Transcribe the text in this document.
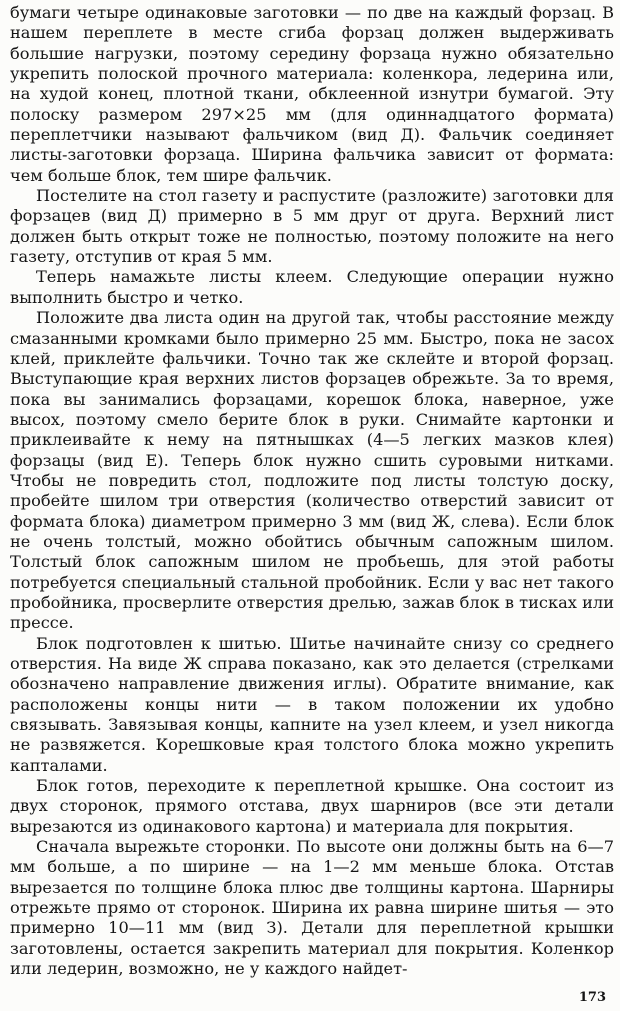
бумаги четыре одинаковые заготовки — по две на каждый форзац. В нашем переплете в месте сгиба форзац должен выдерживать большие нагрузки, поэтому середину форзаца нужно обязательно укрепить полоской прочного материала: коленкора, ледерина или, на худой конец, плотной ткани, обклеенной изнутри бумагой. Эту полоску размером 297×25 мм (для одиннадцатого формата) переплетчики называют фальчиком (вид Д). Фальчик соединяет листы-заготовки форзаца. Ширина фальчика зависит от формата: чем больше блок, тем шире фальчик.

Постелите на стол газету и распустите (разложите) заготовки для форзацев (вид Д) примерно в 5 мм друг от друга. Верхний лист должен быть открыт тоже не полностью, поэтому положите на него газету, отступив от края 5 мм.

Теперь намажьте листы клеем. Следующие операции нужно выполнить быстро и четко.

Положите два листа один на другой так, чтобы расстояние между смазанными кромками было примерно 25 мм. Быстро, пока не засох клей, приклейте фальчики. Точно так же склейте и второй форзац. Выступающие края верхних листов форзацев обрежьте. За то время, пока вы занимались форзацами, корешок блока, наверное, уже высох, поэтому смело берите блок в руки. Снимайте картонки и приклеивайте к нему на пятнышках (4—5 легких мазков клея) форзацы (вид Е). Теперь блок нужно сшить суровыми нитками. Чтобы не повредить стол, подложите под листы толстую доску, пробейте шилом три отверстия (количество отверстий зависит от формата блока) диаметром примерно 3 мм (вид Ж, слева). Если блок не очень толстый, можно обойтись обычным сапожным шилом. Толстый блок сапожным шилом не пробьешь, для этой работы потребуется специальный стальной пробойник. Если у вас нет такого пробойника, просверлите отверстия дрелью, зажав блок в тисках или прессе.

Блок подготовлен к шитью. Шитье начинайте снизу со среднего отверстия. На виде Ж справа показано, как это делается (стрелками обозначено направление движения иглы). Обратите внимание, как расположены концы нити — в таком положении их удобно связывать. Завязывая концы, капните на узел клеем, и узел никогда не развяжется. Корешковые края толстого блока можно укрепить капталами.

Блок готов, переходите к переплетной крышке. Она состоит из двух сторонок, прямого отстава, двух шарниров (все эти детали вырезаются из одинакового картона) и материала для покрытия.

Сначала вырежьте сторонки. По высоте они должны быть на 6—7 мм больше, а по ширине — на 1—2 мм меньше блока. Отстав вырезается по толщине блока плюс две толщины картона. Шарниры отрежьте прямо от сторонок. Ширина их равна ширине шитья — это примерно 10—11 мм (вид З). Детали для переплетной крышки заготовлены, остается закрепить материал для покрытия. Коленкор или ледерин, возможно, не у каждого найдет-

173
